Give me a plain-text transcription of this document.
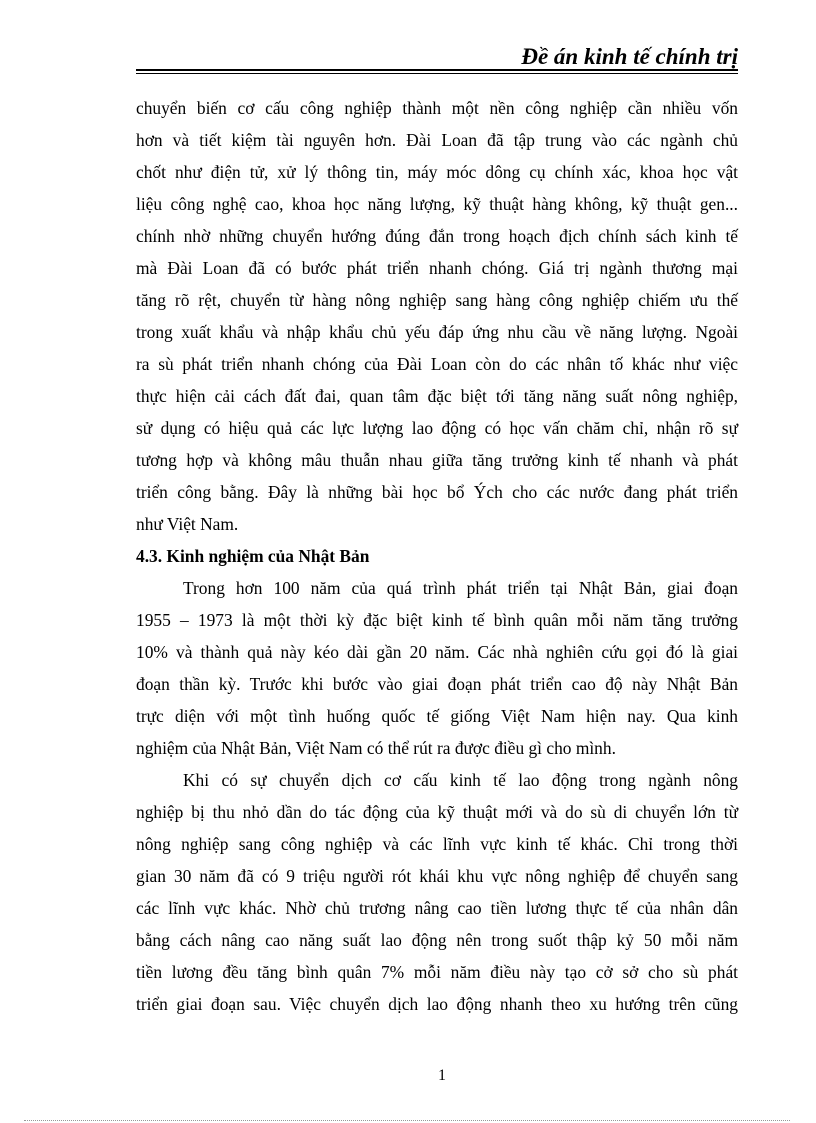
Đề án kinh tế chính trị
chuyển biến cơ cấu công nghiệp thành một nền công nghiệp cần nhiều vốn
hơn và tiết kiệm tài nguyên hơn. Đài Loan đã tập trung vào các ngành chủ
chốt như điện tử, xử lý thông tin, máy móc dông cụ chính xác, khoa học vật
liệu công nghệ cao, khoa học năng lượng, kỹ thuật hàng không, kỹ thuật gen...
chính nhờ những chuyển hướng đúng đắn trong hoạch địch chính sách kinh tế
mà Đài Loan đã có bước phát triển nhanh chóng. Giá trị ngành thương mại
tăng rõ rệt, chuyển từ hàng nông nghiệp sang hàng công nghiệp chiếm ưu thế
trong xuất khẩu và nhập khẩu chủ yếu đáp ứng nhu cầu về năng lượng. Ngoài
ra sù phát triển nhanh chóng của Đài Loan còn do các nhân tố khác như việc
thực hiện cải cách đất đai, quan tâm đặc biệt tới tăng năng suất nông nghiệp,
sử dụng có hiệu quả các lực lượng lao động có học vấn chăm chỉ, nhận rõ sự
tương hợp và không mâu thuẫn nhau giữa tăng trưởng kinh tế nhanh và phát
triển công bằng. Đây là những bài học bổ Ých cho các nước đang phát triển
như Việt Nam.
4.3. Kinh nghiệm của Nhật Bản
Trong hơn 100 năm của quá trình phát triển tại Nhật Bản, giai đoạn
1955 – 1973 là một thời kỳ đặc biệt kinh tế bình quân mỗi năm tăng trưởng
10% và thành quả này kéo dài gần 20 năm. Các nhà nghiên cứu gọi đó là giai
đoạn thần kỳ. Trước khi bước vào giai đoạn phát triển cao độ này Nhật Bản
trực diện với một tình huống quốc tế giống Việt Nam hiện nay. Qua kinh
nghiệm của Nhật Bản, Việt Nam có thể rút ra được điều gì cho mình.
Khi có sự chuyển dịch cơ cấu kinh tế lao động trong ngành nông
nghiệp bị thu nhỏ dần do tác động của kỹ thuật mới và do sù di chuyển lớn từ
nông nghiệp sang công nghiệp và các lĩnh vực kinh tế khác. Chỉ trong thời
gian 30 năm đã có 9 triệu người rót khái khu vực nông nghiệp để chuyển sang
các lĩnh vực khác. Nhờ chủ trương nâng cao tiền lương thực tế của nhân dân
bằng cách nâng cao năng suất lao động nên trong suốt thập kỷ 50 mỗi năm
tiền lương đều tăng bình quân 7% mỗi năm điều này tạo cở sở cho sù phát
triển giai đoạn sau. Việc chuyển dịch lao động nhanh theo xu hướng trên cũng
1
